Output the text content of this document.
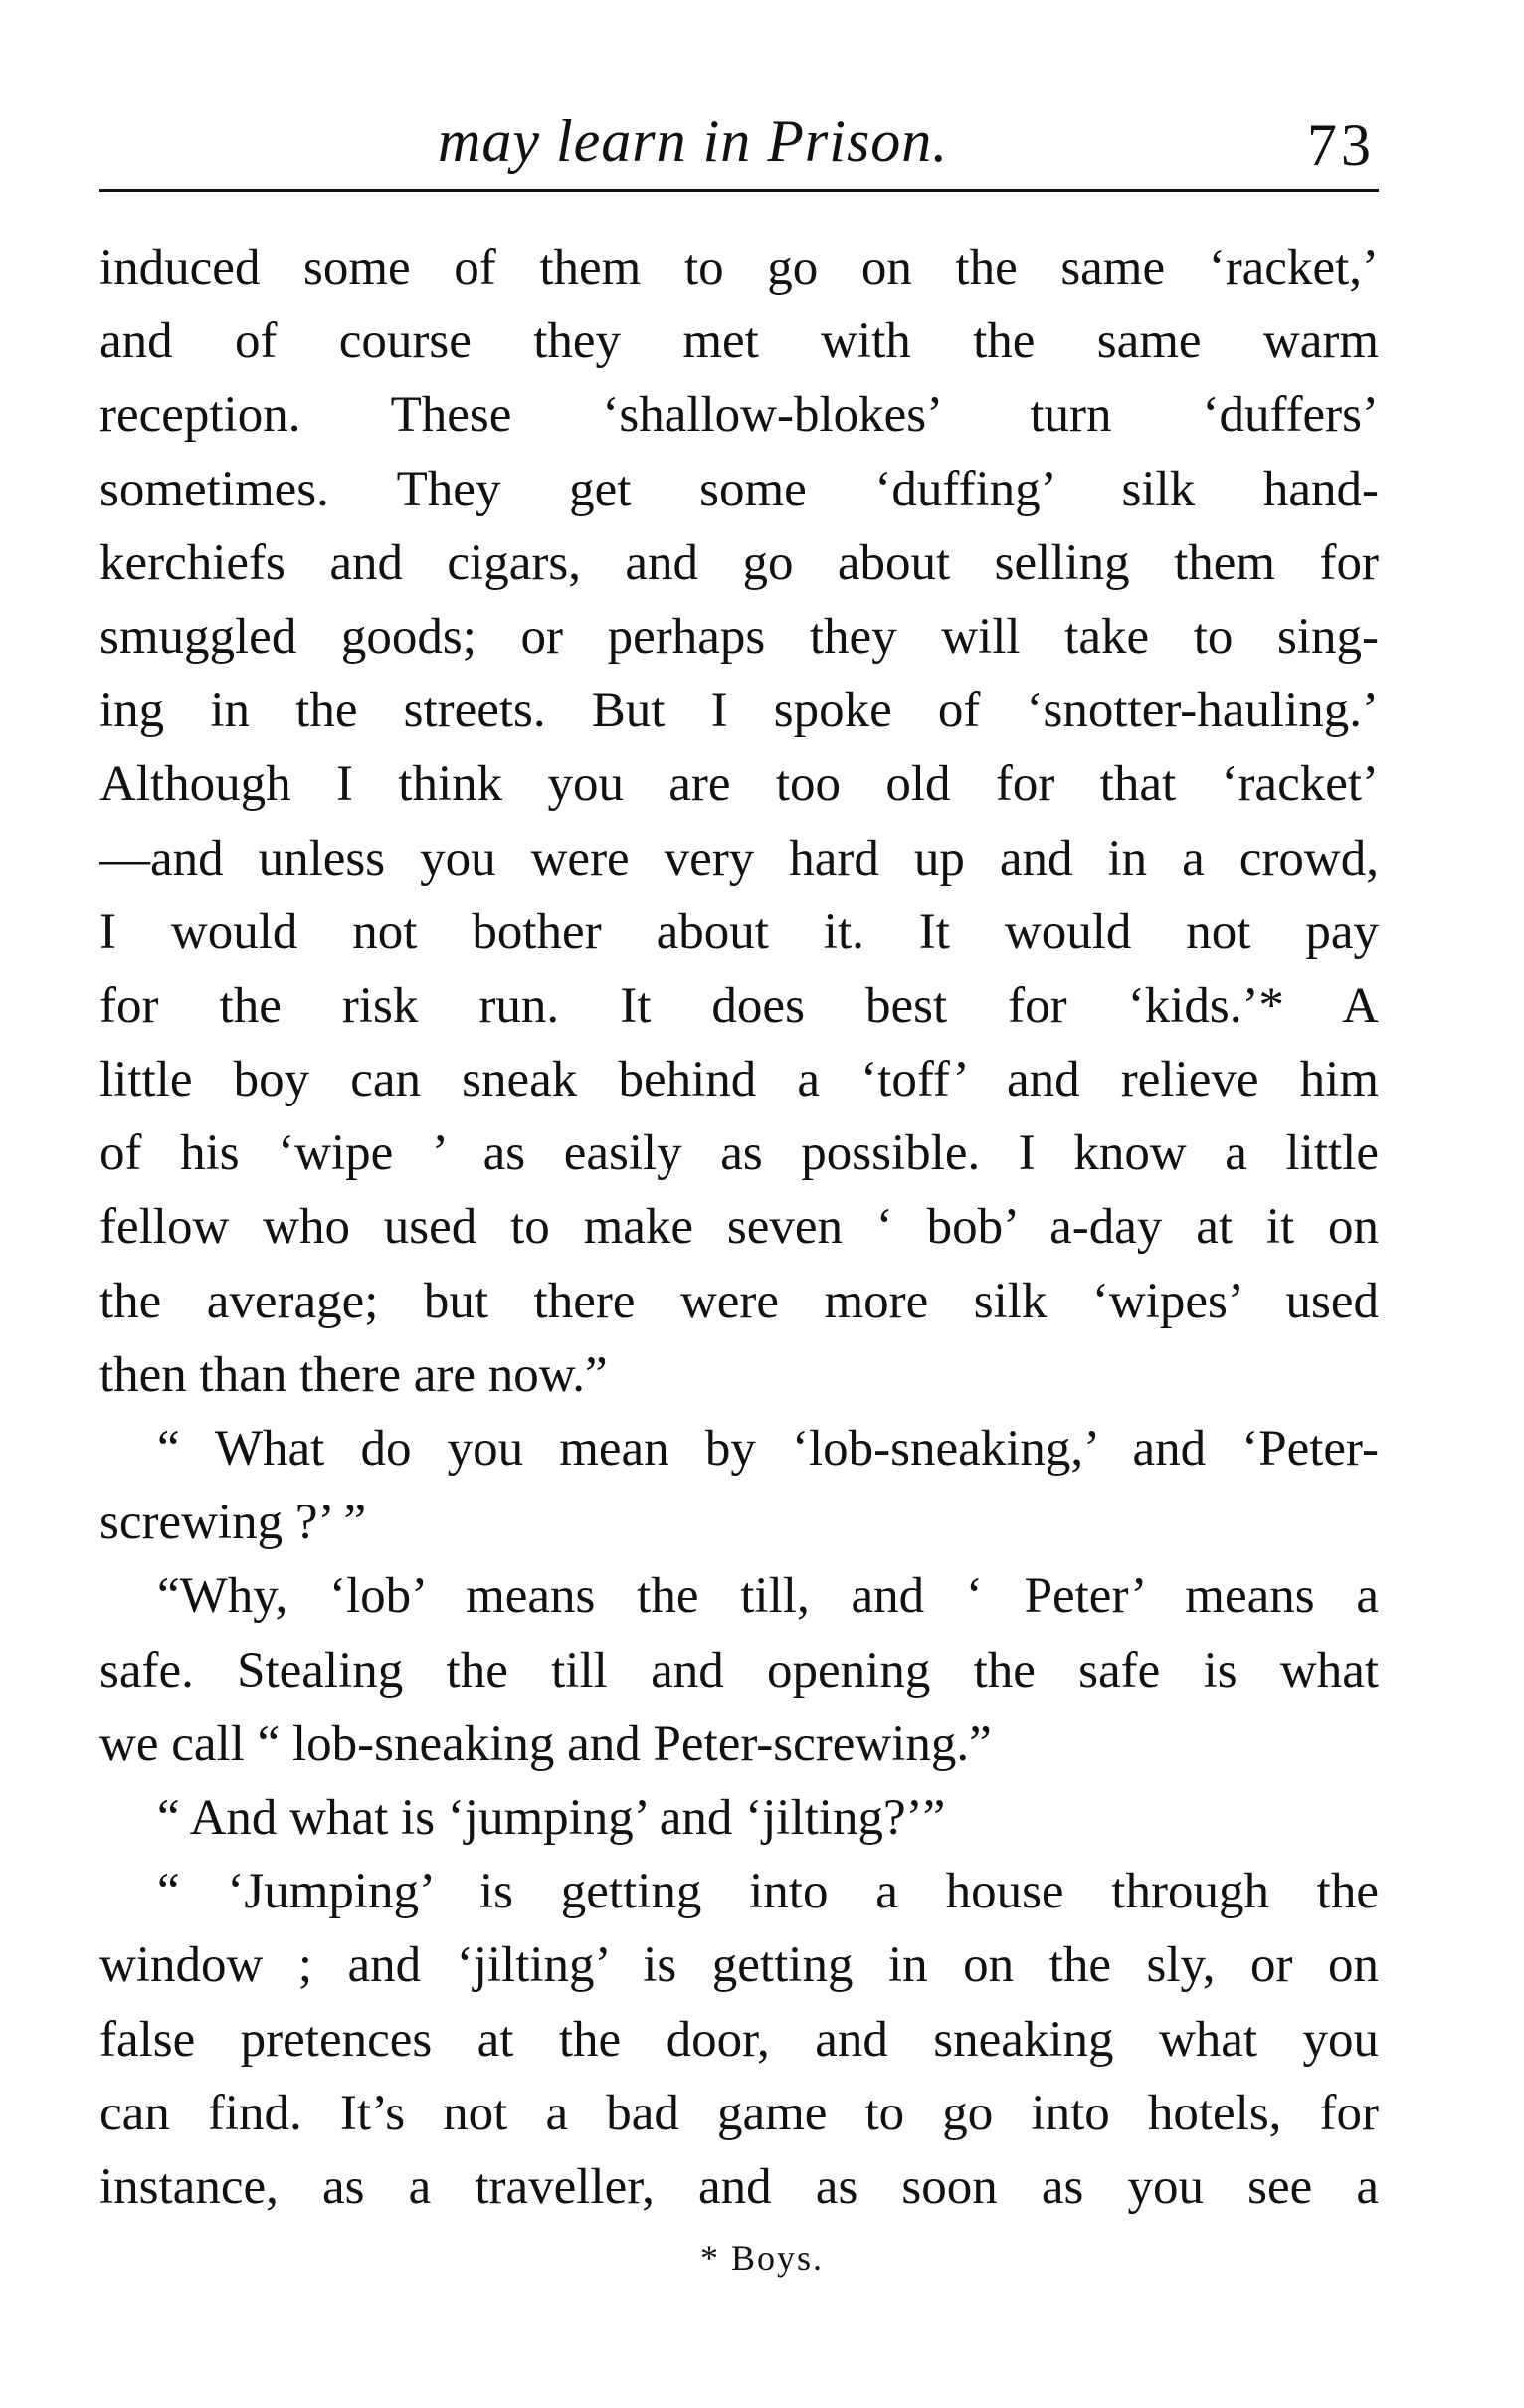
may learn in Prison.	73
induced some of them to go on the same ‘racket,’
and of course they met with the same warm
reception. These ‘shallow-blokes’ turn ‘duffers’
sometimes. They get some ‘duffing’ silk hand-
kerchiefs and cigars, and go about selling them for
smuggled goods; or perhaps they will take to sing-
ing in the streets. But I spoke of ‘snotter-hauling.’
Although I think you are too old for that ‘racket’
—and unless you were very hard up and in a crowd,
I would not bother about it. It would not pay
for the risk run. It does best for ‘kids.’* A
little boy can sneak behind a ‘toff’ and relieve him
of his ‘wipe ’ as easily as possible. I know a little
fellow who used to make seven ‘ bob’ a-day at it on
the average; but there were more silk ‘wipes’ used
then than there are now.”
“ What do you mean by ‘lob-sneaking,’ and ‘Peter-
screwing ?’ ”
“Why, ‘lob’ means the till, and ‘ Peter’ means a
safe. Stealing the till and opening the safe is what
we call “ lob-sneaking and Peter-screwing.”
“ And what is ‘jumping’ and ‘jilting?’”
“ ‘Jumping’ is getting into a house through the
window ; and ‘jilting’ is getting in on the sly, or on
false pretences at the door, and sneaking what you
can find. It’s not a bad game to go into hotels, for
instance, as a traveller, and as soon as you see a
* Boys.
